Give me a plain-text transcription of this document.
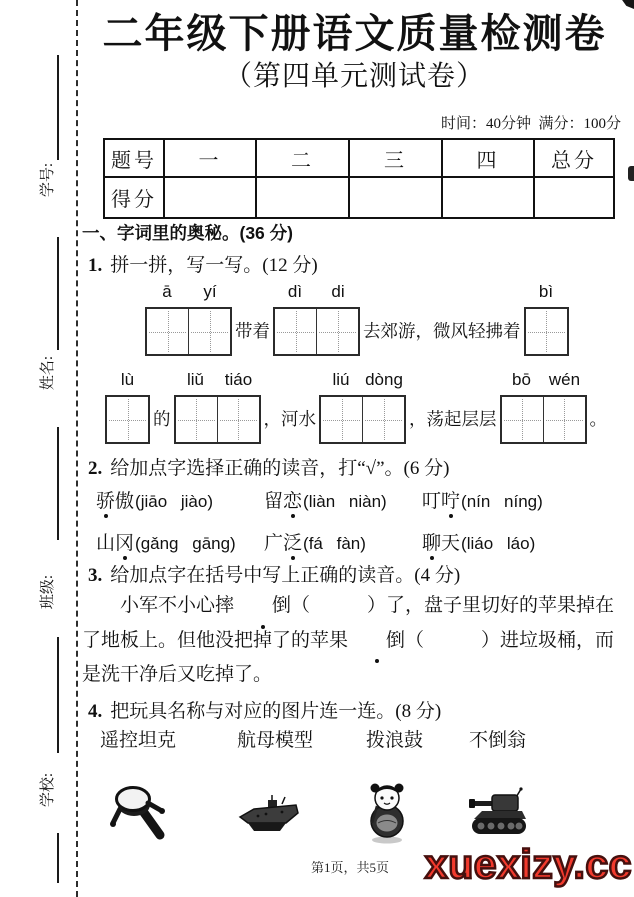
学号:
姓名:
班级:
学校:
二年级下册语文质量检测卷
（第四单元测试卷）
时间：40分钟  满分：100分
题号	一	二	三	四	总分
得分					
一、字词里的奥秘。(36 分)
1. 拼一拼，写一写。(12 分)
ā	yí
带着
dì	di
去郊游，微风轻拂着
bì
lù
的
liǔ	tiáo
，河水
liú dòng
，荡起层层
bō	wén
。
2. 给加点字选择正确的读音，打“√”。(6 分)
骄傲(jiāo jiào)	留恋(liàn niàn)	叮咛(nín níng)
山冈(gǎng gāng)	广泛(fá fàn)	聊天(liáo láo)
3. 给加点字在括号中写上正确的读音。(4 分)
小军不小心摔 倒（　　　）了，盘子里切好的苹果掉在了地板上。但他没把掉了的苹果 倒（　　　）进垃圾桶，而是洗干净后又吃掉了。
4. 把玩具名称与对应的图片连一连。(8 分)
遥控坦克	航母模型	拨浪鼓 不倒翁
第1页，共5页 xuexizy.cc
